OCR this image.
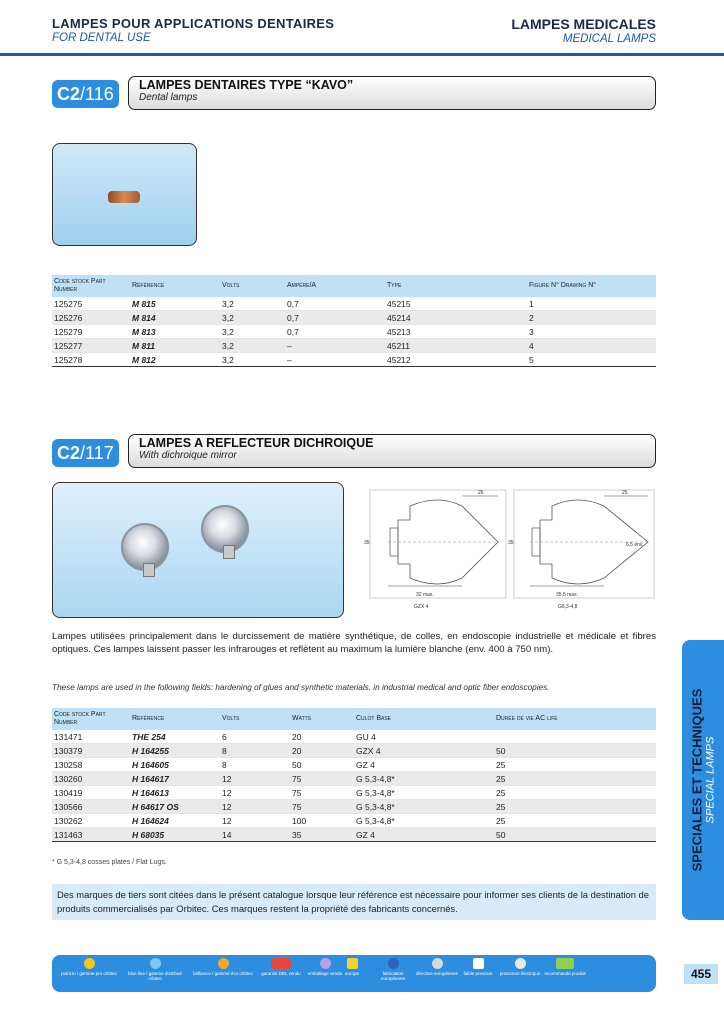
LAMPES POUR APPLICATIONS DENTAIRES
FOR DENTAL USE
LAMPES MEDICALES
MEDICAL LAMPS
C2/116	LAMPES DENTAIRES TYPE “KAVO”
Dental lamps
Code stock Part Number	Référence	Volts	Ampère/A	Type	Figure N° Drawing N°
125275	M 815	3,2	0,7	45215	1
125276	M 814	3,2	0,7	45214	2
125279	M 813	3,2	0,7	45213	3
125277	M 811	3,2	–	45211	4
125278	M 812	3,2	–	45212	5
C2/117	LAMPES A REFLECTEUR DICHROIQUE
With dichroique mirror
26	25
35	35	6,5 env.
32 max.	35,5 max.
GZX 4	G6,3-4,8
Lampes utilisées principalement dans le durcissement de matière synthétique, de colles, en endoscopie industrielle et médicale et fibres optiques. Ces lampes laissent passer les infrarouges et reflètent au maximum la lumière blanche (env. 400 à 750 nm).
These lamps are used in the following fields: hardening of glues and synthetic materials, in industrial medical and optic fiber endoscopies.
Code stock Part Number	Référence	Volts	Watts	Culot Base	Durée de vie AC life
131471	THE 254	6	20	GU 4	
130379	H 164255	8	20	GZX 4	50
130258	H 164605	8	50	GZ 4	25
130260	H 164617	12	75	G 5,3-4,8*	25
130419	H 164613	12	75	G 5,3-4,8*	25
130566	H 64617 OS	12	75	G 5,3-4,8*	25
130262	H 164624	12	100	G 5,3-4,8*	25
131463	H 68035	14	35	GZ 4	50
* G 5,3-4,8 cosses plates / Flat Lugs.
Des marques de tiers sont citées dans le présent catalogue lorsque leur référence est nécessaire pour informer ses clients de la destination de produits commercialisés par Orbitec. Ces marques restent la propriété des fabricants concernés.
SPECIALES ET TECHNIQUES SPECIAL LAMPS
point in / gamme pro orbitec	blue line / gamme distribué orbitec
brilliance / gamme éco orbitec	garantie DEL vendu	emballage vendu europe	fabrication européenne
directive européenne	faible pression	protection électrique recommandé produit	455
